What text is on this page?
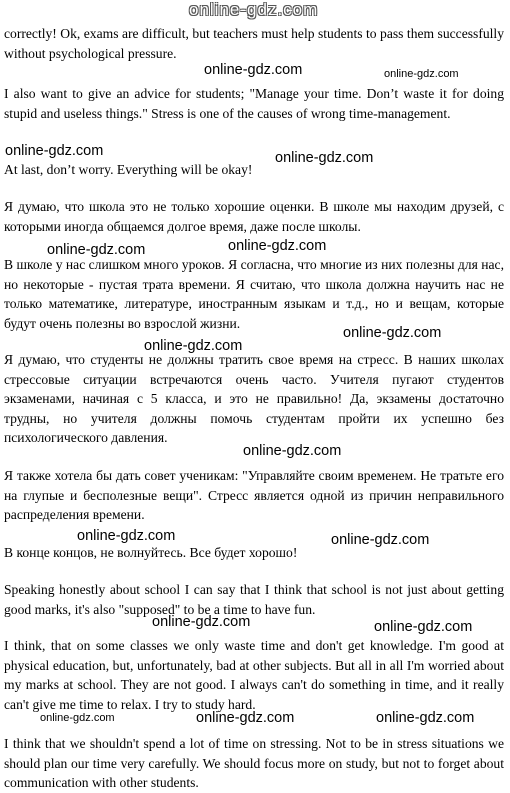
online-gdz.com

correctly! Ok, exams are difficult, but teachers must help students to pass them successfully without psychological pressure.

I also want to give an advice for students; "Manage your time. Don’t waste it for doing stupid and useless things." Stress is one of the causes of wrong time-management.

At last, don’t worry. Everything will be okay!

Я думаю, что школа это не только хорошие оценки. В школе мы находим друзей, с которыми иногда общаемся долгое время, даже после школы.

В школе у нас слишком много уроков. Я согласна, что многие из них полезны для нас, но некоторые - пустая трата времени. Я считаю, что школа должна научить нас не только математике, литературе, иностранным языкам и т.д., но и вещам, которые будут очень полезны во взрослой жизни.

Я думаю, что студенты не должны тратить свое время на стресс. В наших школах стрессовые ситуации встречаются очень часто. Учителя пугают студентов экзаменами, начиная с 5 класса, и это не правильно! Да, экзамены достаточно трудны, но учителя должны помочь студентам пройти их успешно без психологического давления.

Я также хотела бы дать совет ученикам: "Управляйте своим временем. Не тратьте его на глупые и бесполезные вещи". Стресс является одной из причин неправильного распределения времени.

В конце концов, не волнуйтесь. Все будет хорошо!

Speaking honestly about school I can say that I think that school is not just about getting good marks, it's also "supposed" to be a time to have fun.

I think, that on some classes we only waste time and don't get knowledge. I'm good at physical education, but, unfortunately, bad at other subjects. But all in all I'm worried about my marks at school. They are not good. I always can't do something in time, and it really can't give me time to relax. I try to study hard.

I think that we shouldn't spend a lot of time on stressing. Not to be in stress situations we should plan our time very carefully. We should focus more on study, but not to forget about communication with other students.

online-gdz.com	online-gdz.com
online-gdz.com	online-gdz.com
online-gdz.com	online-gdz.com
online-gdz.com
online-gdz.com
online-gdz.com
online-gdz.com	online-gdz.com
online-gdz.com	online-gdz.com
online-gdz.com	online-gdz.com	online-gdz.com
